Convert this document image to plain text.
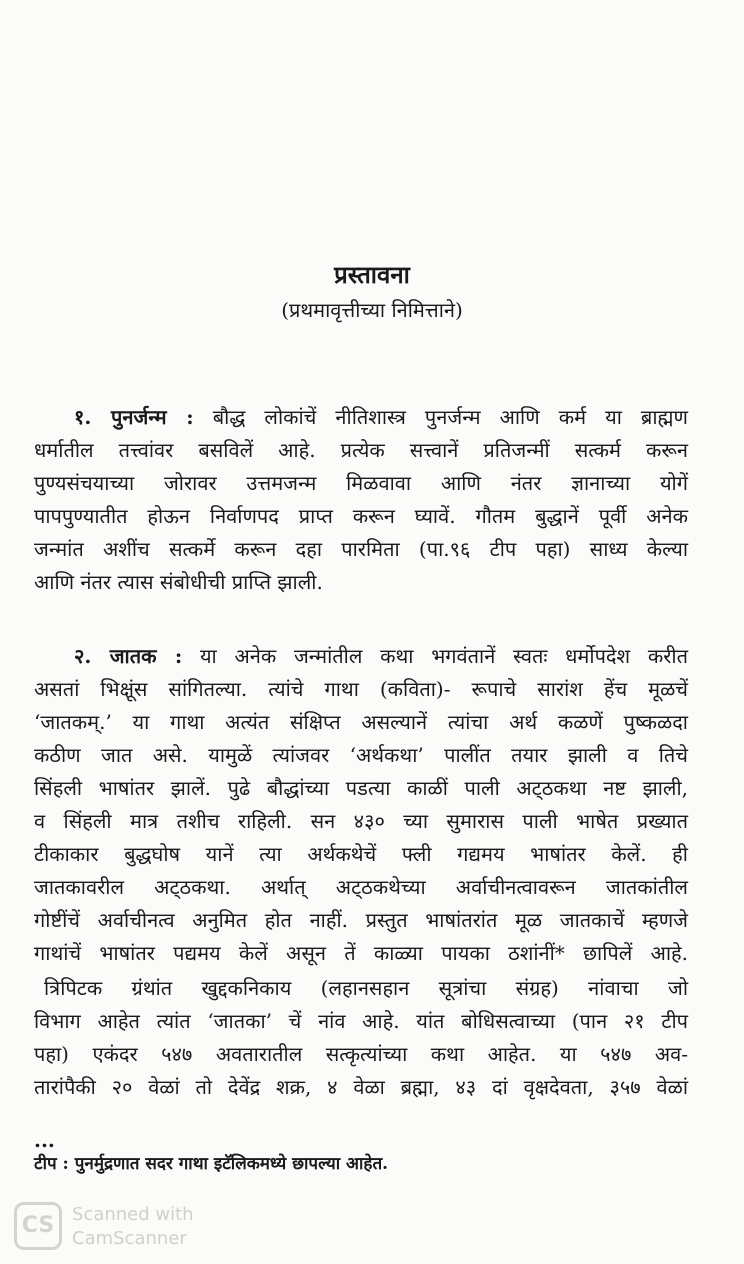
प्रस्तावना
(प्रथमावृत्तीच्या निमित्ताने)

१. पुनर्जन्म : बौद्ध लोकांचें नीतिशास्त्र पुनर्जन्म आणि कर्म या ब्राह्मण
धर्मातील तत्त्वांवर बसविलें आहे. प्रत्येक सत्त्वानें प्रतिजन्मीं सत्कर्म करून
पुण्यसंचयाच्या जोरावर उत्तमजन्म मिळवावा आणि नंतर ज्ञानाच्या योगें
पापपुण्यातीत होऊन निर्वाणपद प्राप्त करून घ्यावें. गौतम बुद्धानें पूर्वी अनेक
जन्मांत अशींच सत्कर्मे करून दहा पारमिता (पा.९६ टीप पहा) साध्य केल्या
आणि नंतर त्यास संबोधीची प्राप्ति झाली.

२. जातक : या अनेक जन्मांतील कथा भगवंतानें स्वतः धर्मोपदेश करीत
असतां भिक्षूंस सांगितल्या. त्यांचे गाथा (कविता)- रूपाचे सारांश हेंच मूळचें
‘जातकम्.’ या गाथा अत्यंत संक्षिप्त असल्यानें त्यांचा अर्थ कळणें पुष्कळदा
कठीण जात असे. यामुळें त्यांजवर ‘अर्थकथा’ पालींत तयार झाली व तिचे
सिंहली भाषांतर झालें. पुढे बौद्धांच्या पडत्या काळीं पाली अट्‌ठकथा नष्ट झाली,
व सिंहली मात्र तशीच राहिली. सन ४३० च्या सुमारास पाली भाषेत प्रख्यात
टीकाकार बुद्धघोष यानें त्या अर्थकथेचें फ्ली गद्यमय भाषांतर केलें. ही
जातकावरील अट्‌ठकथा. अर्थात् अट्‌ठकथेच्या अर्वाचीनत्वावरून जातकांतील
गोष्टींचें अर्वाचीनत्व अनुमित होत नाहीं. प्रस्तुत भाषांतरांत मूळ जातकाचें म्हणजे
गाथांचें भाषांतर पद्यमय केलें असून तें काळ्या पायका ठशांनीं* छापिलें आहे.

त्रिपिटक ग्रंथांत खुद्दकनिकाय (लहानसहान सूत्रांचा संग्रह) नांवाचा जो
विभाग आहेत त्यांत ‘जातका’ चें नांव आहे. यांत बोधिसत्वाच्या (पान २१ टीप
पहा) एकंदर ५४७ अवतारातील सत्कृत्यांच्या कथा आहेत. या ५४७ अव-
तारांपैकी २० वेळां तो देवेंद्र शक्र, ४ वेळा ब्रह्मा, ४३ दां वृक्षदेवता, ३५७ वेळां

...
टीप : पुनर्मुद्रणात सदर गाथा इटॅलिकमध्ये छापल्या आहेत.
CS Scanned with
CamScanner
